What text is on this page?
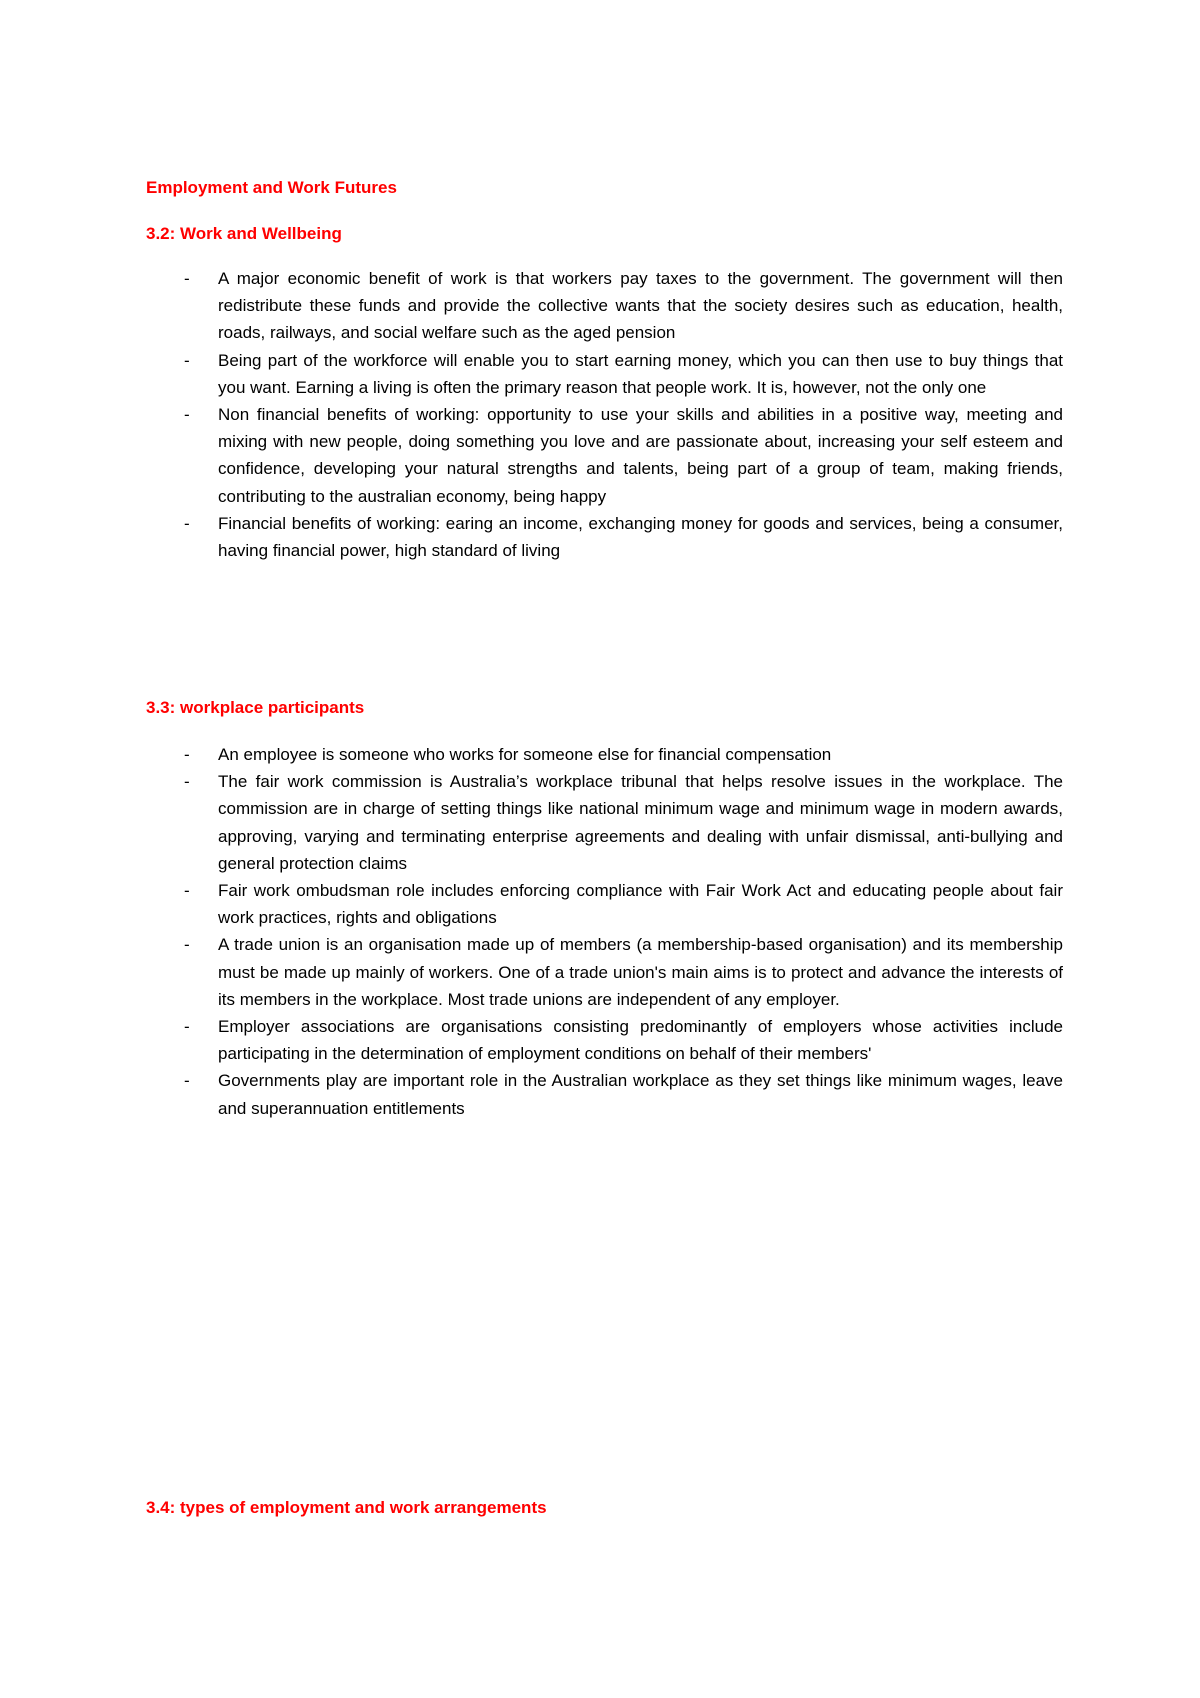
Employment and Work Futures
3.2: Work and Wellbeing
- A major economic benefit of work is that workers pay taxes to the government. The government will then redistribute these funds and provide the collective wants that the society desires such as education, health, roads, railways, and social welfare such as the aged pension
- Being part of the workforce will enable you to start earning money, which you can then use to buy things that you want. Earning a living is often the primary reason that people work. It is, however, not the only one
- Non financial benefits of working: opportunity to use your skills and abilities in a positive way, meeting and mixing with new people, doing something you love and are passionate about, increasing your self esteem and confidence, developing your natural strengths and talents, being part of a group of team, making friends, contributing to the australian economy, being happy
- Financial benefits of working: earing an income, exchanging money for goods and services, being a consumer, having financial power, high standard of living
3.3: workplace participants
- An employee is someone who works for someone else for financial compensation
- The fair work commission is Australia’s workplace tribunal that helps resolve issues in the workplace. The commission are in charge of setting things like national minimum wage and minimum wage in modern awards, approving, varying and terminating enterprise agreements and dealing with unfair dismissal, anti-bullying and general protection claims
- Fair work ombudsman role includes enforcing compliance with Fair Work Act and educating people about fair work practices, rights and obligations
- A trade union is an organisation made up of members (a membership-based organisation) and its membership must be made up mainly of workers. One of a trade union's main aims is to protect and advance the interests of its members in the workplace. Most trade unions are independent of any employer.
- Employer associations are organisations consisting predominantly of employers whose activities include participating in the determination of employment conditions on behalf of their members'
- Governments play are important role in the Australian workplace as they set things like minimum wages, leave and superannuation entitlements
3.4: types of employment and work arrangements
